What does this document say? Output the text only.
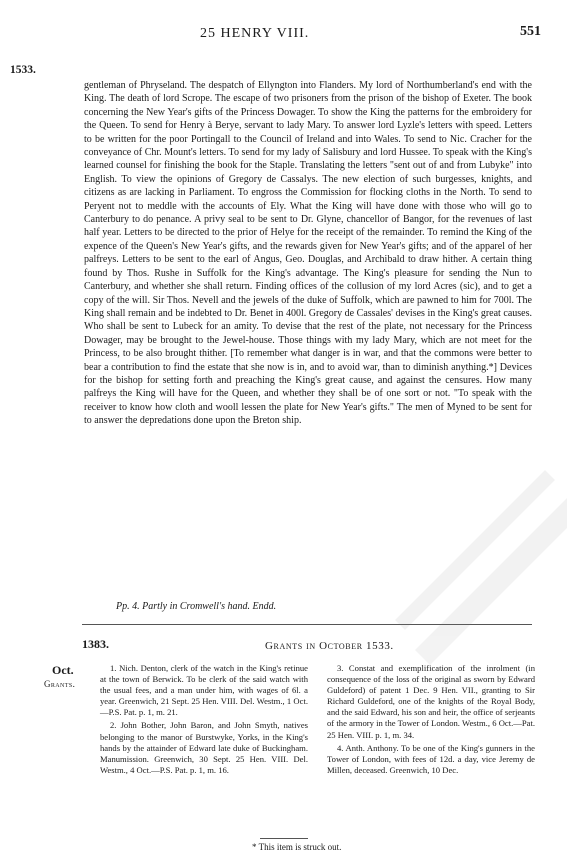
25 HENRY VIII.	551
1533.

gentleman of Phryseland. The despatch of Ellyngton into Flanders. My lord of Northumberland's end with the King. The death of lord Scrope. The escape of two prisoners from the prison of the bishop of Exeter. The book concerning the New Year's gifts of the Princess Dowager. To show the King the patterns for the embroidery for the Queen. To send for Henry à Berye, servant to lady Mary. To answer lord Lyzle's letters with speed. Letters to be written for the poor Portingall to the Council of Ireland and into Wales. To send to Nic. Cracher for the conveyance of Chr. Mount's letters. To send for my lady of Salisbury and lord Hussee. To speak with the King's learned counsel for finishing the book for the Staple. Translating the letters "sent out of and from Lubyke" into English. To view the opinions of Gregory de Cassalys. The new election of such burgesses, knights, and citizens as are lacking in Parliament. To engross the Commission for flocking cloths in the North. To send to Peryent not to meddle with the accounts of Ely. What the King will have done with those who will go to Canterbury to do penance. A privy seal to be sent to Dr. Glyne, chancellor of Bangor, for the revenues of last half year. Letters to be directed to the prior of Helye for the receipt of the remainder. To remind the King of the expence of the Queen's New Year's gifts, and the rewards given for New Year's gifts; and of the apparel of her palfreys. Letters to be sent to the earl of Angus, Geo. Douglas, and Archibald to draw hither. A certain thing found by Thos. Rushe in Suffolk for the King's advantage. The King's pleasure for sending the Nun to Canterbury, and whether she shall return. Finding offices of the collusion of my lord Acres (sic), and to get a copy of the will. Sir Thos. Nevell and the jewels of the duke of Suffolk, which are pawned to him for 700l. The King shall remain and be indebted to Dr. Benet in 400l. Gregory de Cassales' devises in the King's great causes. Who shall be sent to Lubeck for an amity. To devise that the rest of the plate, not necessary for the Princess Dowager, may be brought to the Jewel-house. Those things with my lady Mary, which are not meet for the Princess, to be also brought thither. [To remember what danger is in war, and that the commons were better to bear a contribution to find the estate that she now is in, and to avoid war, than to diminish anything.*] Devices for the bishop for setting forth and preaching the King's great cause, and against the censures. How many palfreys the King will have for the Queen, and whether they shall be of one sort or not. "To speak with the receiver to know how cloth and wooll lessen the plate for New Year's gifts." The men of Myned to be sent for to answer the depredations done upon the Breton ship.

Pp. 4. Partly in Cromwell's hand. Endd.
1383.	Grants in October 1533.
Oct.
Grants.

1. Nich. Denton, clerk of the watch in the King's retinue at the town of Berwick. To be clerk of the said watch with the usual fees, and a man under him, with wages of 6l. a year. Greenwich, 21 Sept. 25 Hen. VIII. Del. Westm., 1 Oct.—P.S. Pat. p. 1, m. 21.

2. John Bother, John Baron, and John Smyth, natives belonging to the manor of Burstwyke, Yorks, in the King's hands by the attainder of Edward late duke of Buckingham. Manumission. Greenwich, 30 Sept. 25 Hen. VIII. Del. Westm., 4 Oct.—P.S. Pat. p. 1, m. 16.

3. Constat and exemplification of the inrolment (in consequence of the loss of the original as sworn by Edward Guldeford) of patent 1 Dec. 9 Hen. VII., granting to Sir Richard Guldeford, one of the knights of the Royal Body, and the said Edward, his son and heir, the office of serjeants of the armory in the Tower of London. Westm., 6 Oct.—Pat. 25 Hen. VIII. p. 1, m. 34.

4. Anth. Anthony. To be one of the King's gunners in the Tower of London, with fees of 12d. a day, vice Jeremy de Millen, deceased. Greenwich, 10 Dec.

* This item is struck out.
